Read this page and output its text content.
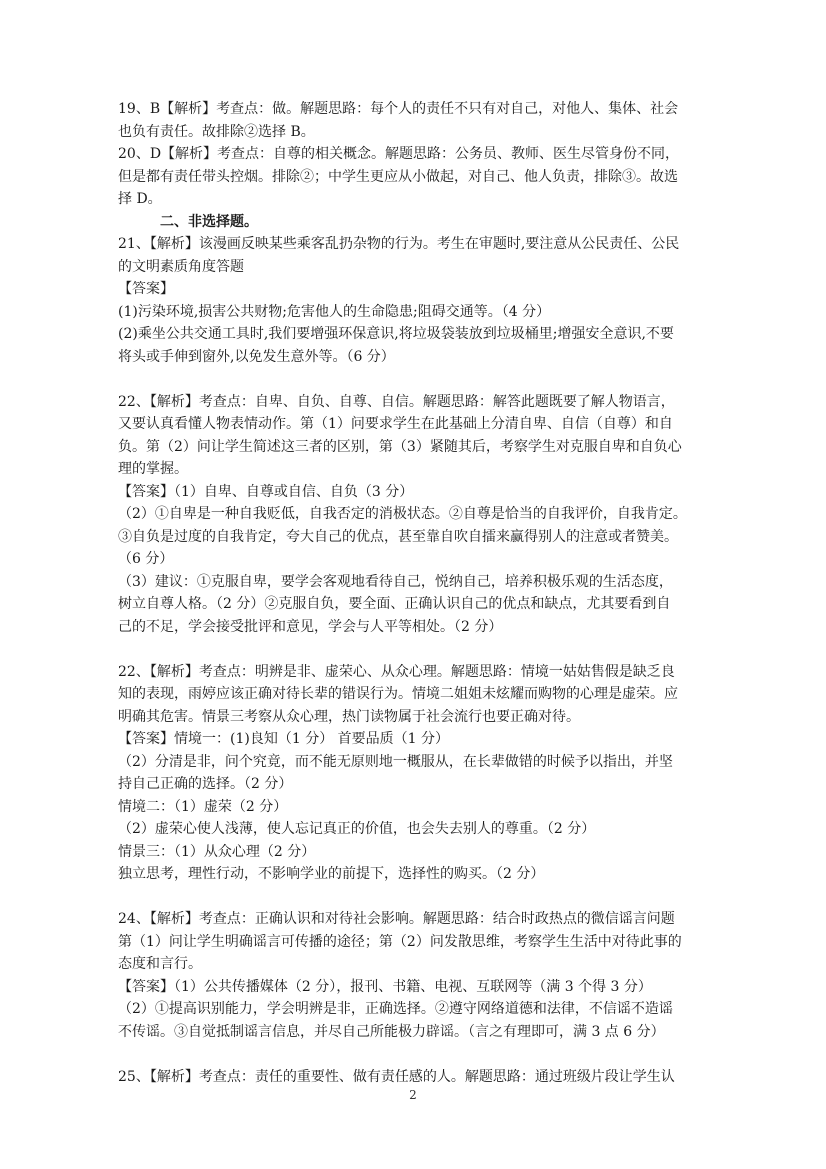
19、B【解析】考查点：做。解题思路：每个人的责任不只有对自己，对他人、集体、社会

也负有责任。故排除②选择 B。

20、D【解析】考查点：自尊的相关概念。解题思路：公务员、教师、医生尽管身份不同，

但是都有责任带头控烟。排除②；中学生更应从小做起，对自己、他人负责，排除③。故选

择 D。

二、非选择题。

21、【解析】该漫画反映某些乘客乱扔杂物的行为。考生在审题时,要注意从公民责任、公民

的文明素质角度答题

【答案】

(1)污染环境,损害公共财物;危害他人的生命隐患;阻碍交通等。（4 分）

(2)乘坐公共交通工具时,我们要增强环保意识,将垃圾袋装放到垃圾桶里;增强安全意识,不要

将头或手伸到窗外,以免发生意外等。（6 分）

22、【解析】考查点：自卑、自负、自尊、自信。解题思路：解答此题既要了解人物语言，

又要认真看懂人物表情动作。第（1）问要求学生在此基础上分清自卑、自信（自尊）和自

负。第（2）问让学生简述这三者的区别，第（3）紧随其后，考察学生对克服自卑和自负心

理的掌握。

【答案】（1）自卑、自尊或自信、自负（3 分）

（2）①自卑是一种自我贬低，自我否定的消极状态。②自尊是恰当的自我评价，自我肯定。

③自负是过度的自我肯定，夸大自己的优点，甚至靠自吹自擂来赢得别人的注意或者赞美。

（6 分）

（3）建议：①克服自卑，要学会客观地看待自己，悦纳自己，培养积极乐观的生活态度，

树立自尊人格。（2 分）②克服自负，要全面、正确认识自己的优点和缺点，尤其要看到自

己的不足，学会接受批评和意见，学会与人平等相处。（2 分）

22、【解析】考查点：明辨是非、虚荣心、从众心理。解题思路：情境一姑姑售假是缺乏良

知的表现，雨婷应该正确对待长辈的错误行为。情境二姐姐未炫耀而购物的心理是虚荣。应

明确其危害。情景三考察从众心理，热门读物属于社会流行也要正确对待。

【答案】情境一：(1)良知（1 分） 首要品质（1 分）

（2）分清是非，问个究竟，而不能无原则地一概服从，在长辈做错的时候予以指出，并坚

持自己正确的选择。（2 分）

情境二：（1）虚荣（2 分）

（2）虚荣心使人浅薄，使人忘记真正的价值，也会失去别人的尊重。（2 分）

情景三：（1）从众心理（2 分）

独立思考，理性行动，不影响学业的前提下，选择性的购买。（2 分）

24、【解析】考查点：正确认识和对待社会影响。解题思路：结合时政热点的微信谣言问题

第（1）问让学生明确谣言可传播的途径；第（2）问发散思维，考察学生生活中对待此事的

态度和言行。

【答案】（1）公共传播媒体（2 分），报刊、书籍、电视、互联网等（满 3 个得 3 分）

（2）①提高识别能力，学会明辨是非，正确选择。②遵守网络道德和法律，不信谣不造谣

不传谣。③自觉抵制谣言信息，并尽自己所能极力辟谣。（言之有理即可，满 3 点 6 分）

25、【解析】考查点：责任的重要性、做有责任感的人。解题思路：通过班级片段让学生认

2
